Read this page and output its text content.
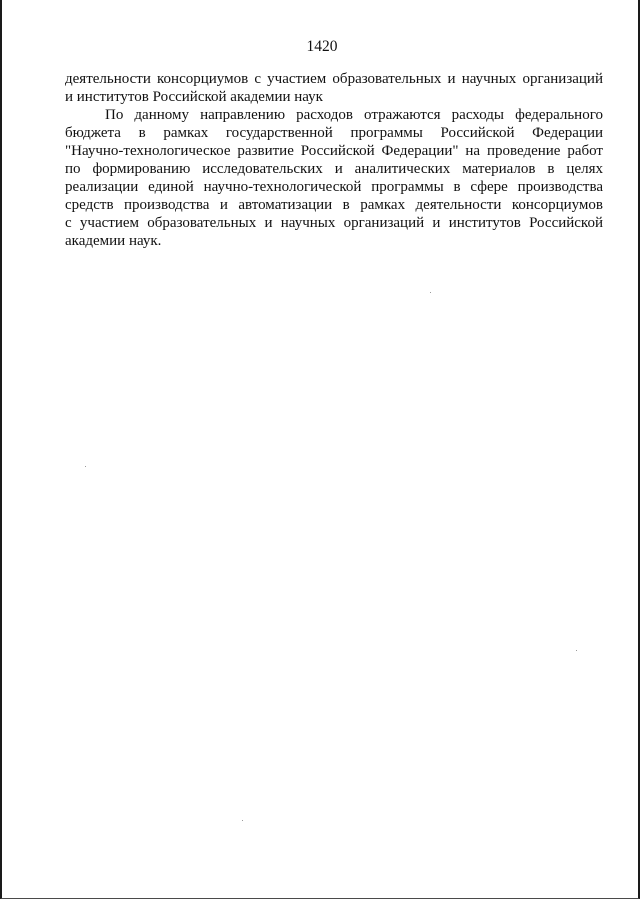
1420

деятельности консорциумов с участием образовательных и научных организаций
и институтов Российской академии наук

По данному направлению расходов отражаются расходы федерального
бюджета в рамках государственной программы Российской Федерации
"Научно-технологическое развитие Российской Федерации" на проведение работ
по формированию исследовательских и аналитических материалов в целях
реализации единой научно-технологической программы в сфере производства
средств производства и автоматизации в рамках деятельности консорциумов
с участием образовательных и научных организаций и институтов Российской
академии наук.
